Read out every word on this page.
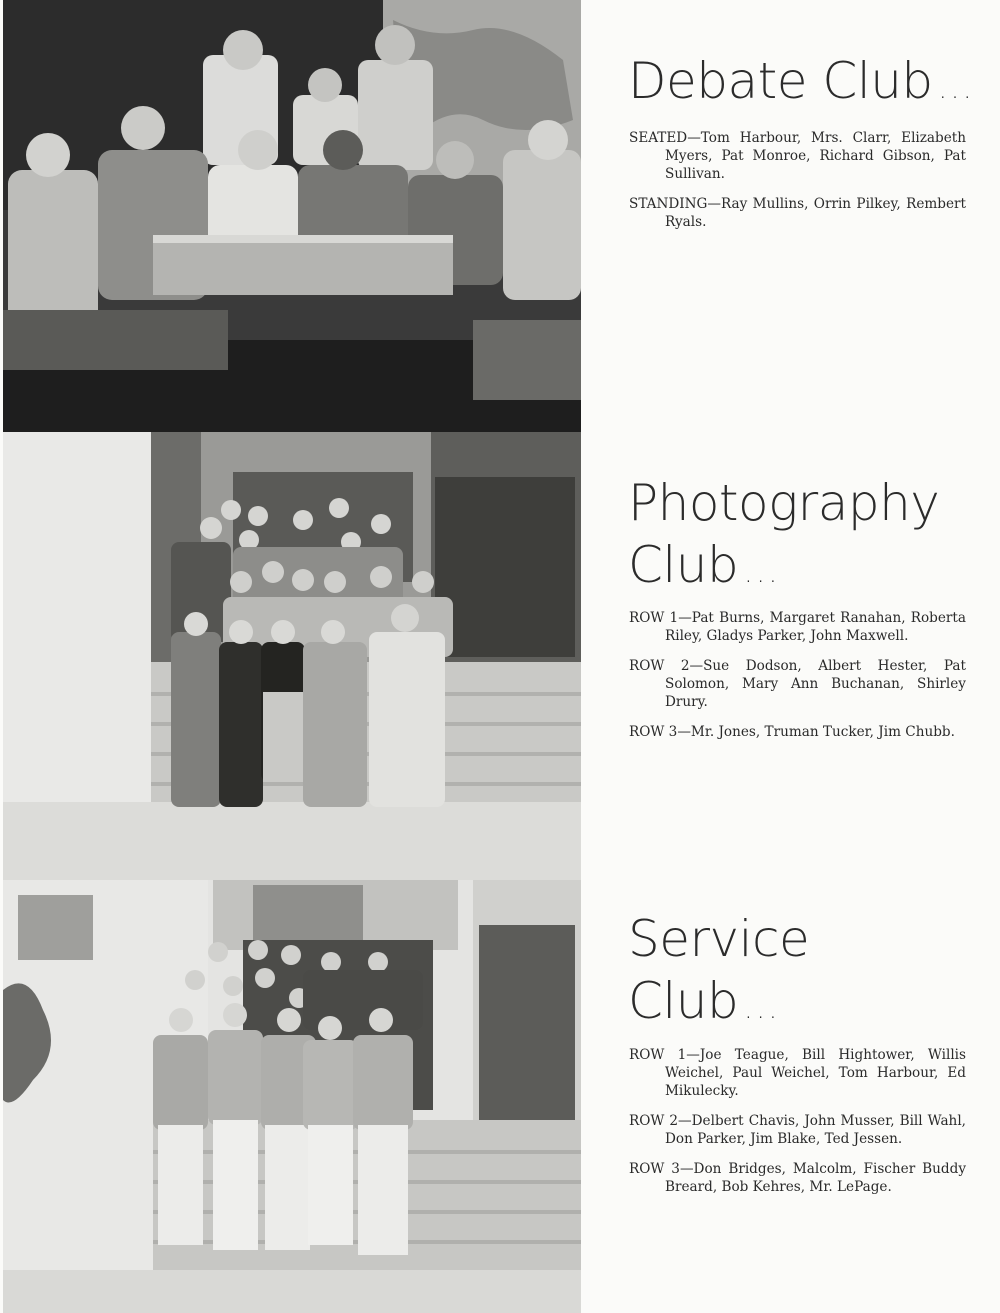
Debate Club ...

SEATED—Tom Harbour, Mrs. Clarr, Elizabeth Myers, Pat Monroe, Richard Gibson, Pat Sullivan.

STANDING—Ray Mullins, Orrin Pilkey, Rembert Ryals.

Photography
Club ...

ROW 1—Pat Burns, Margaret Ranahan, Roberta Riley, Gladys Parker, John Maxwell.

ROW 2—Sue Dodson, Albert Hester, Pat Solomon, Mary Ann Buchanan, Shirley Drury.

ROW 3—Mr. Jones, Truman Tucker, Jim Chubb.

Service
Club ...

ROW 1—Joe Teague, Bill Hightower, Willis Weichel, Paul Weichel, Tom Harbour, Ed Mikulecky.

ROW 2—Delbert Chavis, John Musser, Bill Wahl, Don Parker, Jim Blake, Ted Jessen.

ROW 3—Don Bridges, Malcolm, Fischer Buddy Breard, Bob Kehres, Mr. LePage.
